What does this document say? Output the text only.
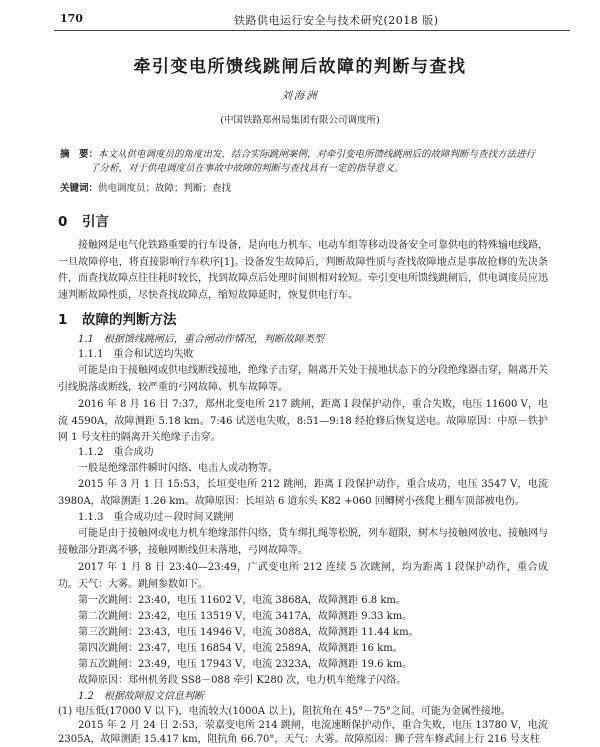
170	铁路供电运行安全与技术研究(2018 版)
牵引变电所馈线跳闸后故障的判断与查找
刘海洲
(中国铁路郑州局集团有限公司调度所)
摘　要：本文从供电调度员的角度出发，结合实际跳闸案例，对牵引变电所馈线跳闸后的故障判断与查找方法进行了分析，对于供电调度员在事故中故障的判断与查找具有一定的指导意义。
关键词：供电调度员；故障；判断；查找
0 引言
接触网是电气化铁路重要的行车设备，是向电力机车、电动车组等移动设备安全可靠供电的特殊输电线路，一旦故障停电，将直接影响行车秩序[1]。设备发生故障后，判断故障性质与查找故障地点是事故抢修的先决条件，而查找故障点往往耗时较长，找到故障点后处理时间则相对较短。牵引变电所馈线跳闸后，供电调度员应迅速判断故障性质，尽快查找故障点，缩短故障延时，恢复供电行车。
1 故障的判断方法
1.1　根据馈线跳闸后，重合闸动作情况，判断故障类型
1.1.1　重合和试送均失败
可能是由于接触网或供电线断线接地，绝缘子击穿，隔离开关处于接地状态下的分段绝缘器击穿，隔离开关引线脱落或断线，较严重的弓网故障、机车故障等。
2016 年 8 月 16 日 7:37，郑州北变电所 217 跳闸，距离 I 段保护动作，重合失败，电压 11600 V，电流 4590A，故障测距 5.18 km。7:46 试送电失败，8:51—9:18 经抢修后恢复送电。故障原因：中原－铁护网 1 号支柱的隔离开关绝缘子击穿。
1.1.2　重合成功
一般是绝缘部件瞬时闪络、电击人或动物等。
2015 年 3 月 1 日 15:53，长垣变电所 212 跳闸，距离 I 段保护动作，重合成功，电压 3547 V，电流 3980A，故障测距 1.26 km。故障原因：长垣站 6 道东头 K82 +060 回鲫树小孩爬上棚车顶部被电伤。
1.1.3　重合成功过－段时间又跳闸
可能是由于接触网或电力机车绝缘部件闪络，货车绑扎绳等松脱，列车超限，树木与接触网放电、接触网与接触部分距离不够，接触网断线但未落地，弓网故障等。
2017 年 1 月 8 日 23:40—23:49，广武变电所 212 连续 5 次跳闸，均为距离 I 段保护动作，重合成功。天气：大雾。跳闸参数如下。
第一次跳闸：23:40，电压 11602 V，电流 3868A，故障测距 6.8 km。
第二次跳闸：23:42，电压 13519 V，电流 3417A，故障测距 9.33 km。
第三次跳闸：23:43，电压 14946 V，电流 3088A，故障测距 11.44 km。
第四次跳闸：23:47，电压 16854 V，电流 2589A，故障测距 16 km。
第五次跳闸：23:49，电压 17943 V，电流 2323A，故障测距 19.6 km。
故障原因：郑州机务段 SS8－088 牵引 K280 次，电力机车绝缘子闪络。
1.2　根据故障报文信息判断
(1) 电压低(17000 V 以下)，电流较大(1000A 以上)，阻抗角在 45°－75°之间。可能为金属性接地。
2015 年 2 月 24 日 2:53，荥嘉变电所 214 跳闸，电流速断保护动作，重合失败，电压 13780 V，电流 2305A，故障测距 15.417 km，阻抗角 66.70°，天气：大雾。故障原因：狮子营车修武间上行 216 号支柱
